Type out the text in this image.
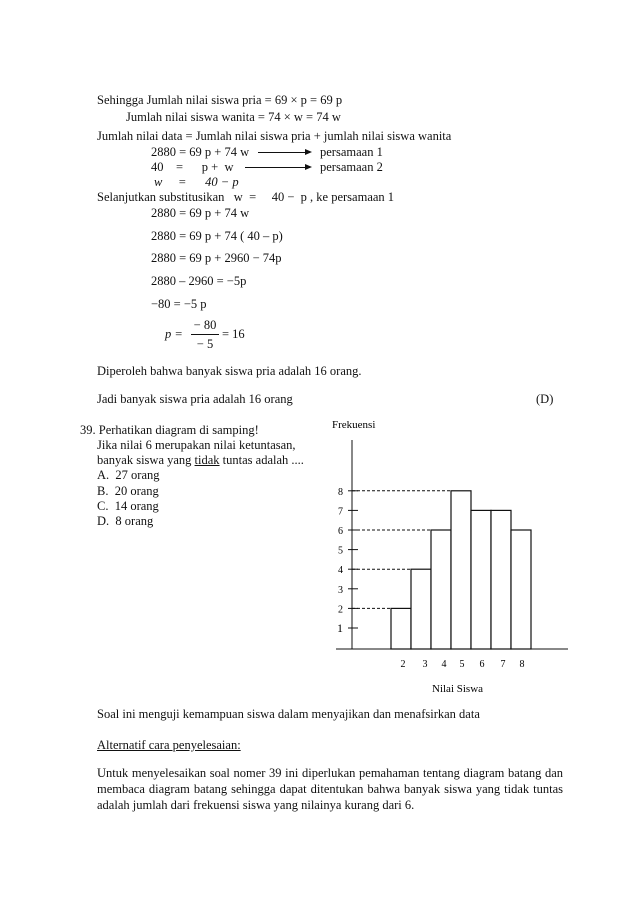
Sehingga Jumlah nilai siswa pria = 69 × p = 69 p
Jumlah nilai siswa wanita = 74 × w = 74 w
Jumlah nilai data = Jumlah nilai siswa pria + jumlah nilai siswa wanita
2880 = 69 p + 74 w	persamaan 1
40    =      p +  w	persamaan 2
w     =      40 − p
Selanjutkan substitusikan   w  =     40 −  p , ke persamaan 1
2880 = 69 p + 74 w
2880 = 69 p + 74 ( 40 – p)
2880 = 69 p + 2960 − 74p
2880 – 2960 = −5p
−80 = −5 p
p =
− 80
− 5
= 16
Diperoleh bahwa banyak siswa pria adalah 16 orang.
Jadi banyak siswa pria adalah 16 orang	(D)
39. Perhatikan diagram di samping!
Jika nilai 6 merupakan nilai ketuntasan,
banyak siswa yang tidak tuntas adalah ....
A.  27 orang
B.  20 orang
C.  14 orang
D.  8 orang
Frekuensi
Nilai Siswa
1
2
3
4
5
6
7
8
2 3 4 5 6 7 8
Soal ini menguji kemampuan siswa dalam menyajikan dan menafsirkan data
Alternatif cara penyelesaian:
Untuk menyelesaikan soal nomer 39 ini diperlukan pemahaman tentang diagram batang dan membaca diagram batang sehingga dapat ditentukan bahwa banyak siswa yang tidak tuntas adalah jumlah dari frekuensi siswa yang nilainya kurang dari 6.
